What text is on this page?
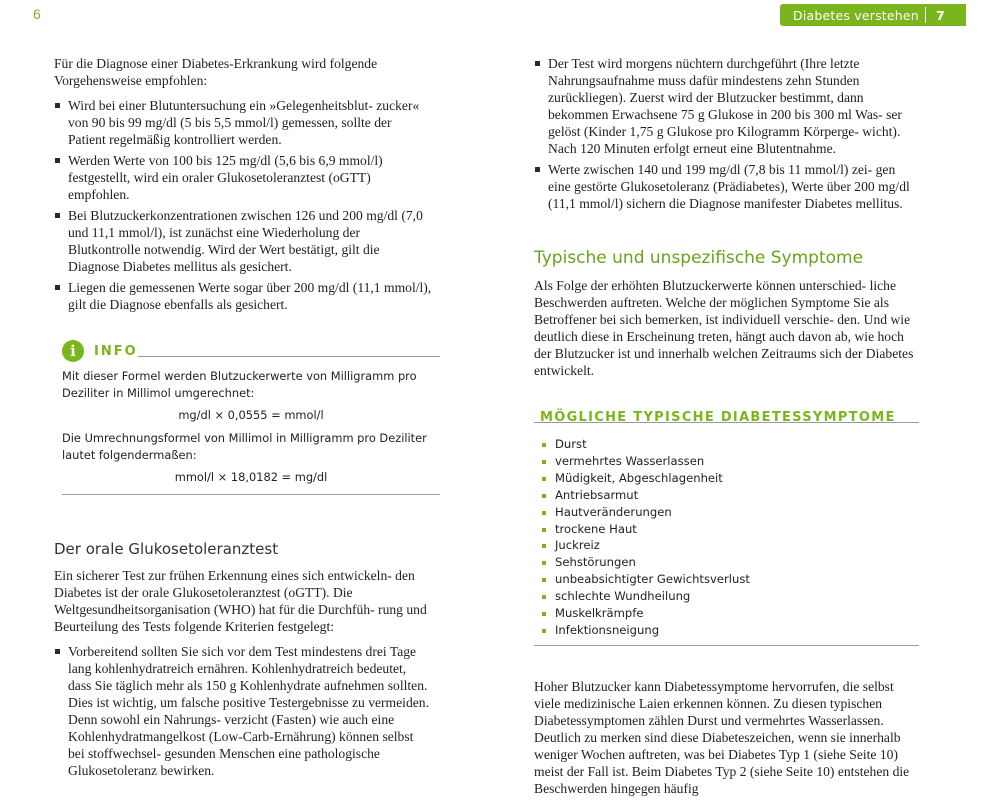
6	Diabetes verstehen	7

Für die Diagnose einer Diabetes-Erkrankung wird folgende Vorgehensweise empfohlen:

Wird bei einer Blutuntersuchung ein »Gelegenheitsblut- zucker« von 90 bis 99 mg/dl (5 bis 5,5 mmol/l) gemessen, sollte der Patient regelmäßig kontrolliert werden.
Werden Werte von 100 bis 125 mg/dl (5,6 bis 6,9 mmol/l) festgestellt, wird ein oraler Glukosetoleranztest (oGTT) empfohlen.
Bei Blutzuckerkonzentrationen zwischen 126 und 200 mg/dl (7,0 und 11,1 mmol/l), ist zunächst eine Wiederholung der Blutkontrolle notwendig. Wird der Wert bestätigt, gilt die Diagnose Diabetes mellitus als gesichert.
Liegen die gemessenen Werte sogar über 200 mg/dl (11,1 mmol/l), gilt die Diagnose ebenfalls als gesichert.
i	INFO

Mit dieser Formel werden Blutzuckerwerte von Milligramm pro Deziliter in Millimol umgerechnet:

mg/dl × 0,0555 = mmol/l

Die Umrechnungsformel von Millimol in Milligramm pro Deziliter lautet folgendermaßen:

mmol/l × 18,0182 = mg/dl

Der orale Glukosetoleranztest

Ein sicherer Test zur frühen Erkennung eines sich entwickeln- den Diabetes ist der orale Glukosetoleranztest (oGTT). Die Weltgesundheitsorganisation (WHO) hat für die Durchfüh- rung und Beurteilung des Tests folgende Kriterien festgelegt:

Vorbereitend sollten Sie sich vor dem Test mindestens drei Tage lang kohlenhydratreich ernähren. Kohlenhydratreich bedeutet, dass Sie täglich mehr als 150 g Kohlenhydrate aufnehmen sollten. Dies ist wichtig, um falsche positive Testergebnisse zu vermeiden. Denn sowohl ein Nahrungs- verzicht (Fasten) wie auch eine Kohlenhydratmangelkost (Low-Carb-Ernährung) können selbst bei stoffwechsel- gesunden Menschen eine pathologische Glukosetoleranz bewirken.
Der Test wird morgens nüchtern durchgeführt (Ihre letzte Nahrungsaufnahme muss dafür mindestens zehn Stunden zurückliegen). Zuerst wird der Blutzucker bestimmt, dann bekommen Erwachsene 75 g Glukose in 200 bis 300 ml Was- ser gelöst (Kinder 1,75 g Glukose pro Kilogramm Körperge- wicht). Nach 120 Minuten erfolgt erneut eine Blutentnahme.
Werte zwischen 140 und 199 mg/dl (7,8 bis 11 mmol/l) zei- gen eine gestörte Glukosetoleranz (Prädiabetes), Werte über 200 mg/dl (11,1 mmol/l) sichern die Diagnose manifester Diabetes mellitus.
Typische und unspezifische Symptome

Als Folge der erhöhten Blutzuckerwerte können unterschied- liche Beschwerden auftreten. Welche der möglichen Symptome Sie als Betroffener bei sich bemerken, ist individuell verschie- den. Und wie deutlich diese in Erscheinung treten, hängt auch davon ab, wie hoch der Blutzucker ist und innerhalb welchen Zeitraums sich der Diabetes entwickelt.

MÖGLICHE TYPISCHE DIABETESSYMPTOME
Durst
vermehrtes Wasserlassen
Müdigkeit, Abgeschlagenheit
Antriebsarmut
Hautveränderungen
trockene Haut
Juckreiz
Sehstörungen
unbeabsichtigter Gewichtsverlust
schlechte Wundheilung
Muskelkrämpfe
Infektionsneigung

Hoher Blutzucker kann Diabetessymptome hervorrufen, die selbst viele medizinische Laien erkennen können. Zu diesen typischen Diabetessymptomen zählen Durst und vermehrtes Wasserlassen. Deutlich zu merken sind diese Diabeteszeichen, wenn sie innerhalb weniger Wochen auftreten, was bei Diabetes Typ 1 (siehe Seite 10) meist der Fall ist. Beim Diabetes Typ 2 (siehe Seite 10) entstehen die Beschwerden hingegen häufig
